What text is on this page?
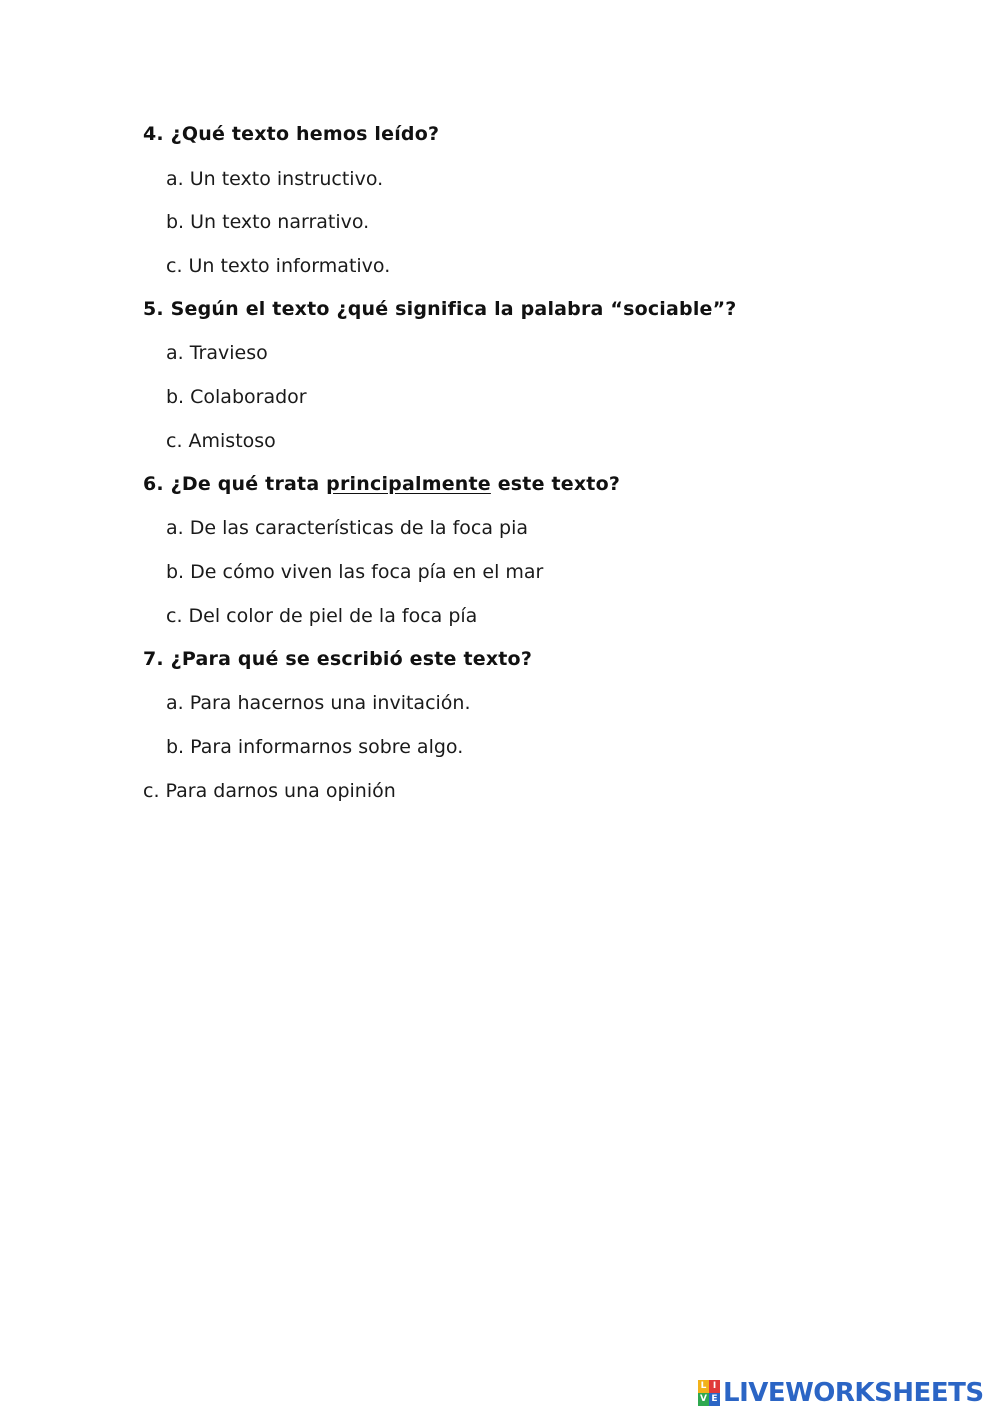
4. ¿Qué texto hemos leído?
a. Un texto instructivo.
b. Un texto narrativo.
c. Un texto informativo.
5. Según el texto ¿qué significa la palabra “sociable”?
a. Travieso
b. Colaborador
c. Amistoso
6. ¿De qué trata principalmente este texto?
a. De las características de la foca pia
b. De cómo viven las foca pía en el mar
c. Del color de piel de la foca pía
7. ¿Para qué se escribió este texto?
a. Para hacernos una invitación.
b. Para informarnos sobre algo.
c. Para darnos una opinión
L I
V E LIVEWORKSHEETS
